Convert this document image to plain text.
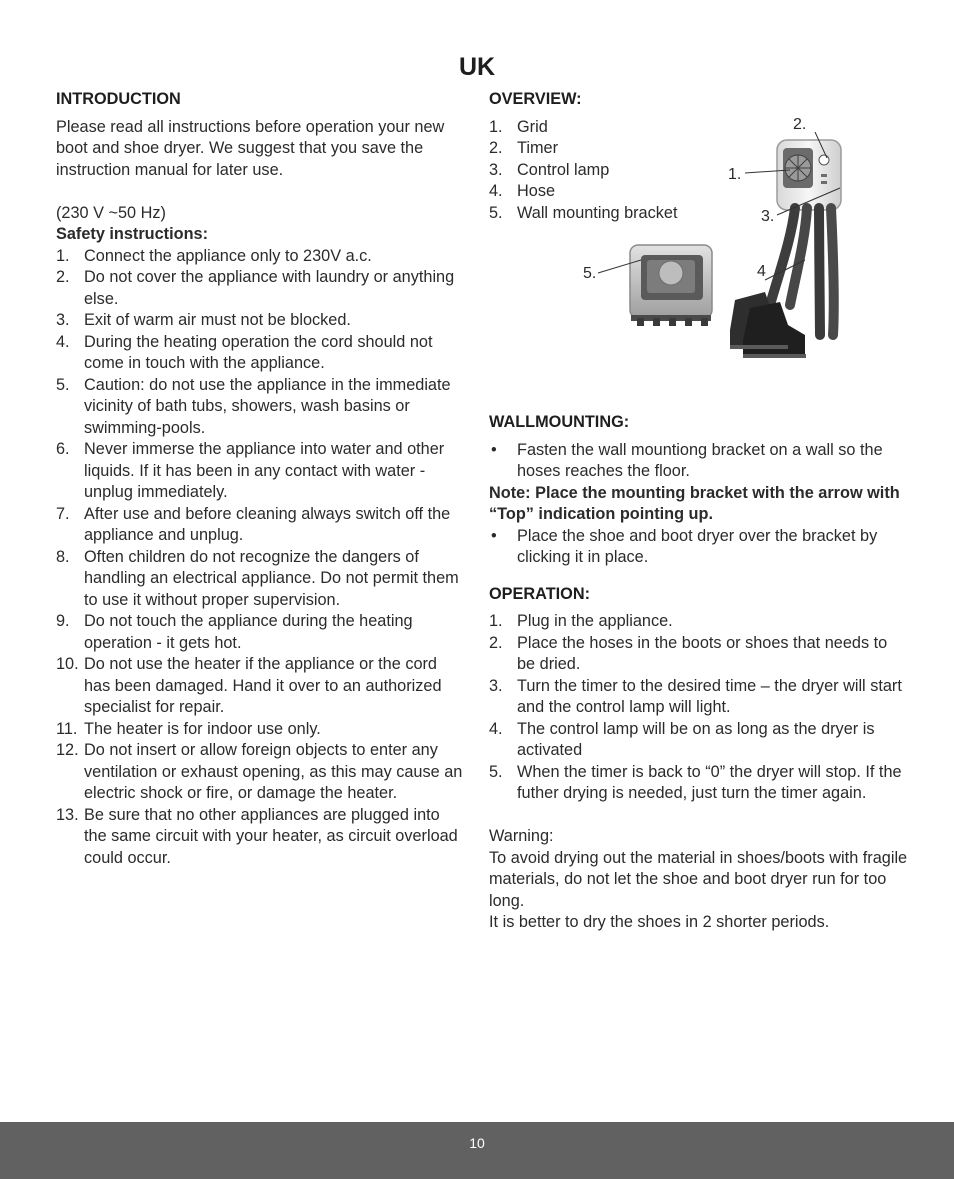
UK
INTRODUCTION

Please read all instructions before operation your new boot and shoe dryer. We suggest that you save the instruction manual for later use.

(230 V ~50 Hz)

Safety instructions:

1. Connect the appliance only to 230V a.c.
2. Do not cover the appliance with laundry or anything else.
3. Exit of warm air must not be blocked.
4. During the heating operation the cord should not come in touch with the appliance.
5. Caution: do not use the appliance in the immediate vicinity of bath tubs, showers, wash basins or swimming-pools.
6. Never immerse the appliance into water and other liquids. If it has been in any contact with water - unplug immediately.
7. After use and before cleaning always switch off the appliance and unplug.
8. Often children do not recognize the dangers of handling an electrical appliance. Do not permit them to use it without proper supervision.
9. Do not touch the appliance during the heating operation - it gets hot.
10. Do not use the heater if the appliance or the cord has been damaged. Hand it over to an authorized specialist for repair.
11. The heater is for indoor use only.
12. Do not insert or allow foreign objects to enter any ventilation or exhaust opening, as this may cause an electric shock or fire, or damage the heater.
13. Be sure that no other appliances are plugged into the same circuit with your heater, as circuit overload could occur.
OVERVIEW:
1. Grid
2. Timer
3. Control lamp
4. Hose
5. Wall mounting bracket
WALLMOUNTING:
• Fasten the wall mountiong bracket on a wall so the hoses reaches the floor.

Note: Place the mounting bracket with the arrow with “Top” indication pointing up.

• Place the shoe and boot dryer over the bracket by clicking it in place.
OPERATION:
1. Plug in the appliance.
2. Place the hoses in the boots or shoes that needs to be dried.
3. Turn the timer to the desired time – the dryer will start and the control lamp will light.
4. The control lamp will be on as long as the dryer is activated
5. When the timer is back to “0” the dryer will stop. If the futher drying is needed, just turn the timer again.

Warning:

To avoid drying out the material in shoes/boots with fragile materials, do not let the shoe and boot dryer run for too long.

It is better to dry the shoes in 2 shorter periods.

1.
2.
3.
4
5.
10
